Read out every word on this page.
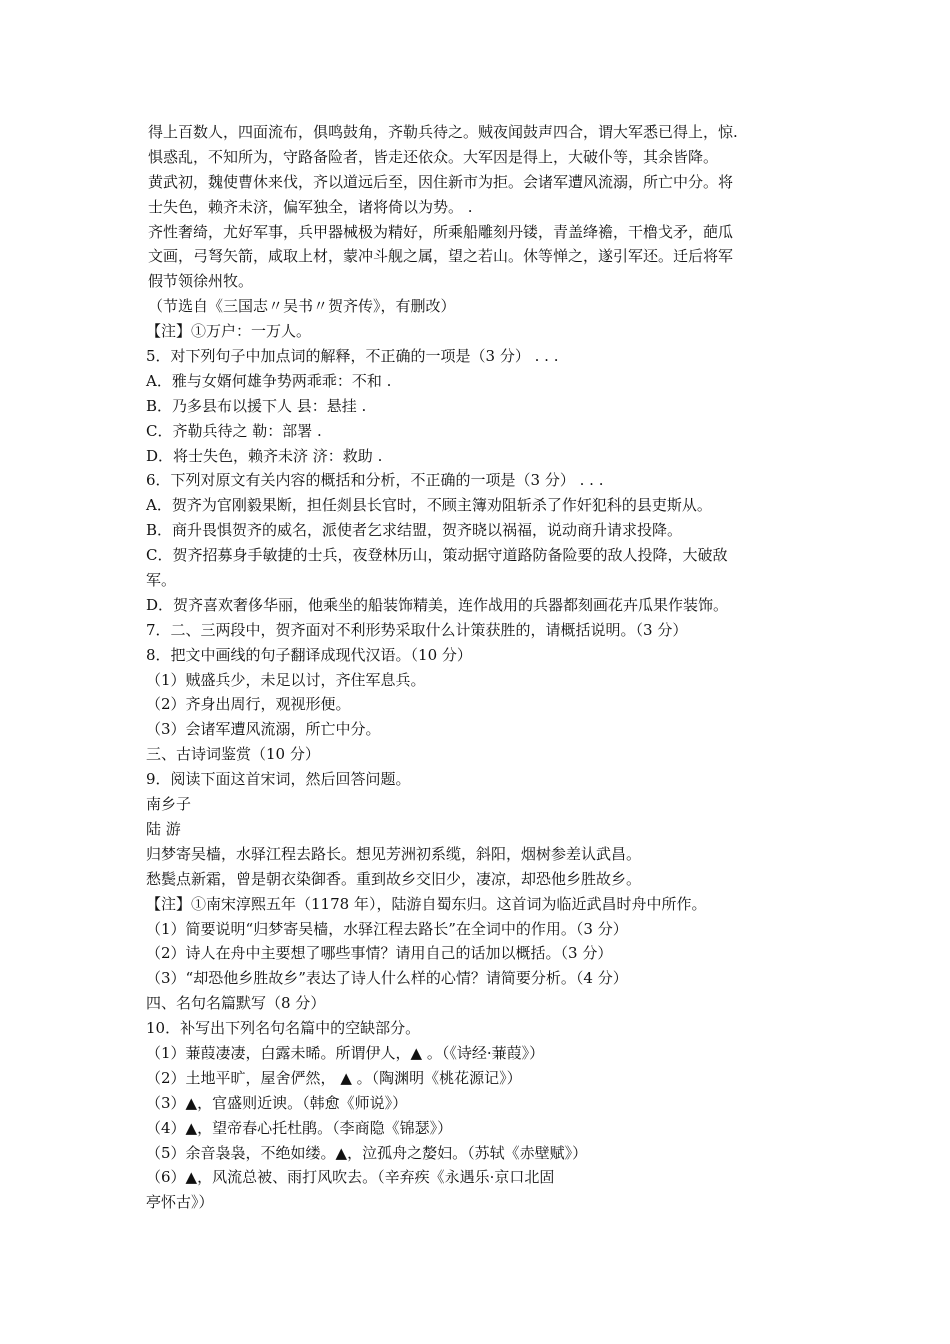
得上百数人，四面流布，俱鸣鼓角，齐勒兵待之。贼夜闻鼓声四合，谓大军悉已得上，惊.
惧惑乱，不知所为，守路备险者，皆走还依众。大军因是得上，大破仆等，其余皆降。
黄武初，魏使曹休来伐，齐以道远后至，因住新市为拒。会诸军遭风流溺，所亡中分。将
士失色，赖齐未济，偏军独全，诸将倚以为势。 .
齐性奢绮，尤好军事，兵甲器械极为精好，所乘船雕刻丹镂，青盖绛襜，干橹戈矛，葩瓜
文画，弓弩矢箭，咸取上材，蒙冲斗舰之属，望之若山。休等惮之，遂引军还。迁后将军
假节领徐州牧。
（节选自《三国志〃吴书〃贺齐传》，有删改）
【注】①万户：一万人。
5．对下列句子中加点词的解释，不正确的一项是（3 分） . . .
A．雅与女婿何雄争势两乖乖：不和 .
B．乃多县布以援下人 县：悬挂 .
C．齐勒兵待之 勒：部署 .
D．将士失色，赖齐未济 济：救助 .
6．下列对原文有关内容的概括和分析，不正确的一项是（3 分） . . .
A．贺齐为官刚毅果断，担任剡县长官时，不顾主簿劝阻斩杀了作奸犯科的县吏斯从。
B．商升畏惧贺齐的威名，派使者乞求结盟，贺齐晓以祸福，说动商升请求投降。
C．贺齐招募身手敏捷的士兵，夜登林历山，策动据守道路防备险要的敌人投降，大破敌
军。
D．贺齐喜欢奢侈华丽，他乘坐的船装饰精美，连作战用的兵器都刻画花卉瓜果作装饰。
7．二、三两段中，贺齐面对不利形势采取什么计策获胜的，请概括说明。（3 分）
8．把文中画线的句子翻译成现代汉语。（10 分）
（1）贼盛兵少，未足以讨，齐住军息兵。
（2）齐身出周行，观视形便。
（3）会诸军遭风流溺，所亡中分。
三、古诗词鉴赏（10 分）
9．阅读下面这首宋词，然后回答问题。
南乡子
陆 游
归梦寄吴樯，水驿江程去路长。想见芳洲初系缆，斜阳，烟树参差认武昌。
愁鬓点新霜，曾是朝衣染御香。重到故乡交旧少，凄凉，却恐他乡胜故乡。
【注】①南宋淳熙五年（1178 年），陆游自蜀东归。这首词为临近武昌时舟中所作。
（1）简要说明“归梦寄吴樯，水驿江程去路长”在全词中的作用。（3 分）
（2）诗人在舟中主要想了哪些事情？请用自己的话加以概括。（3 分）
（3）“却恐他乡胜故乡”表达了诗人什么样的心情？请简要分析。（4 分）
四、名句名篇默写（8 分）
10．补写出下列名句名篇中的空缺部分。
（1）蒹葭凄凄，白露未晞。所谓伊人，▲ 。（《诗经·蒹葭》）
（2）土地平旷，屋舍俨然， ▲ 。（陶渊明《桃花源记》）
（3）▲，官盛则近谀。（韩愈《师说》）
（4）▲，望帝春心托杜鹃。（李商隐《锦瑟》）
（5）余音袅袅，不绝如缕。▲，泣孤舟之嫠妇。（苏轼《赤壁赋》）
（6）▲，风流总被、雨打风吹去。（辛弃疾《永遇乐·京口北固
亭怀古》）
